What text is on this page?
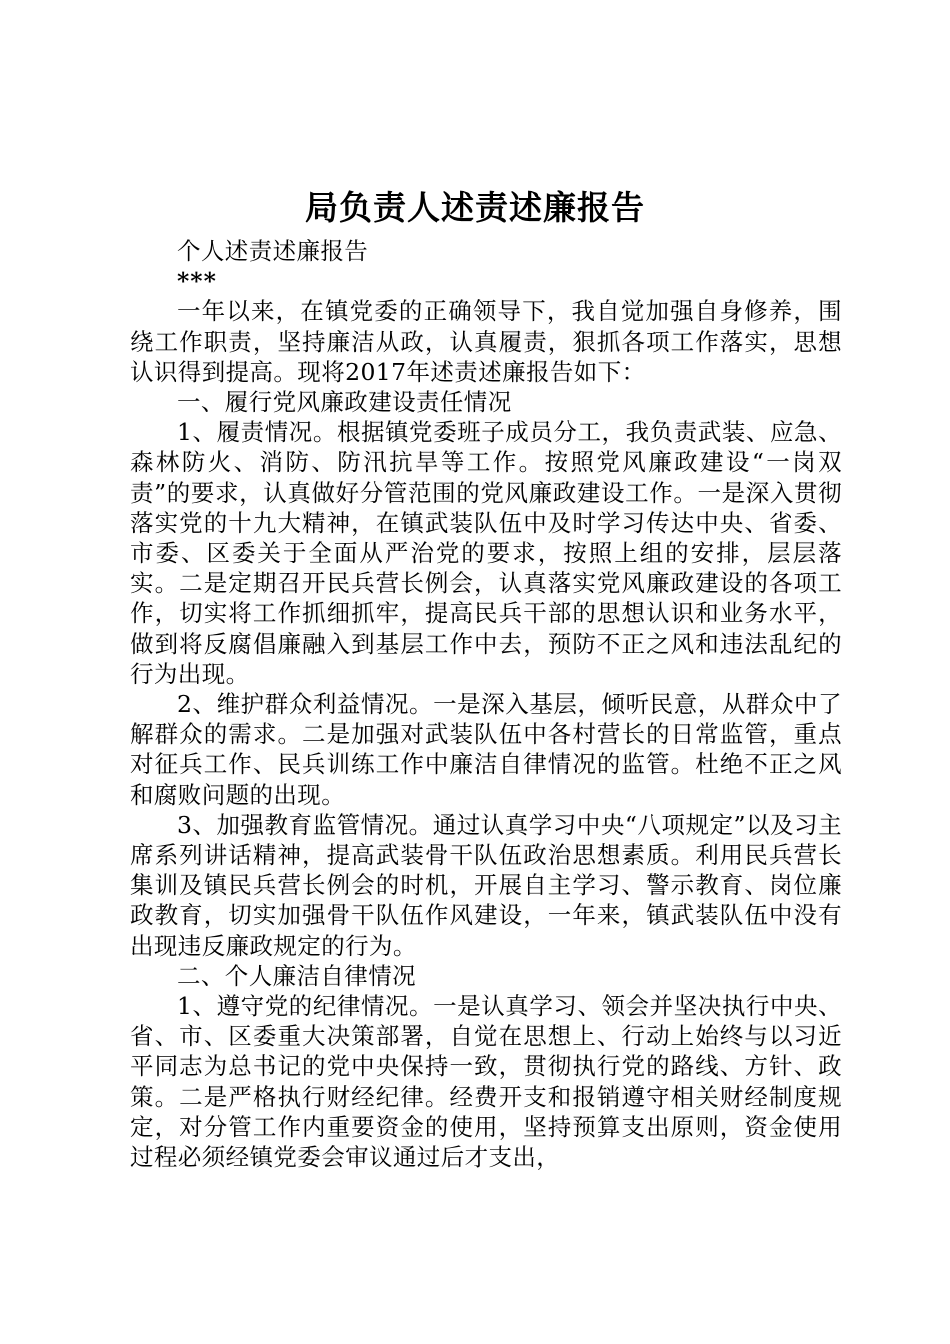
局负责人述责述廉报告

个人述责述廉报告

***

一年以来，在镇党委的正确领导下，我自觉加强自身修养，围绕工作职责，坚持廉洁从政，认真履责，狠抓各项工作落实，思想认识得到提高。现将2017年述责述廉报告如下：

一、履行党风廉政建设责任情况

1、履责情况。根据镇党委班子成员分工，我负责武装、应急、森林防火、消防、防汛抗旱等工作。按照党风廉政建设“一岗双责”的要求，认真做好分管范围的党风廉政建设工作。一是深入贯彻落实党的十九大精神，在镇武装队伍中及时学习传达中央、省委、市委、区委关于全面从严治党的要求，按照上组的安排，层层落实。二是定期召开民兵营长例会，认真落实党风廉政建设的各项工作，切实将工作抓细抓牢，提高民兵干部的思想认识和业务水平，做到将反腐倡廉融入到基层工作中去，预防不正之风和违法乱纪的行为出现。

2、维护群众利益情况。一是深入基层，倾听民意，从群众中了解群众的需求。二是加强对武装队伍中各村营长的日常监管，重点对征兵工作、民兵训练工作中廉洁自律情况的监管。杜绝不正之风和腐败问题的出现。

3、加强教育监管情况。通过认真学习中央“八项规定”以及习主席系列讲话精神，提高武装骨干队伍政治思想素质。利用民兵营长集训及镇民兵营长例会的时机，开展自主学习、警示教育、岗位廉政教育，切实加强骨干队伍作风建设，一年来，镇武装队伍中没有出现违反廉政规定的行为。

二、个人廉洁自律情况

1、遵守党的纪律情况。一是认真学习、领会并坚决执行中央、省、市、区委重大决策部署，自觉在思想上、行动上始终与以习近平同志为总书记的党中央保持一致，贯彻执行党的路线、方针、政策。二是严格执行财经纪律。经费开支和报销遵守相关财经制度规定，对分管工作内重要资金的使用，坚持预算支出原则，资金使用过程必须经镇党委会审议通过后才支出，
